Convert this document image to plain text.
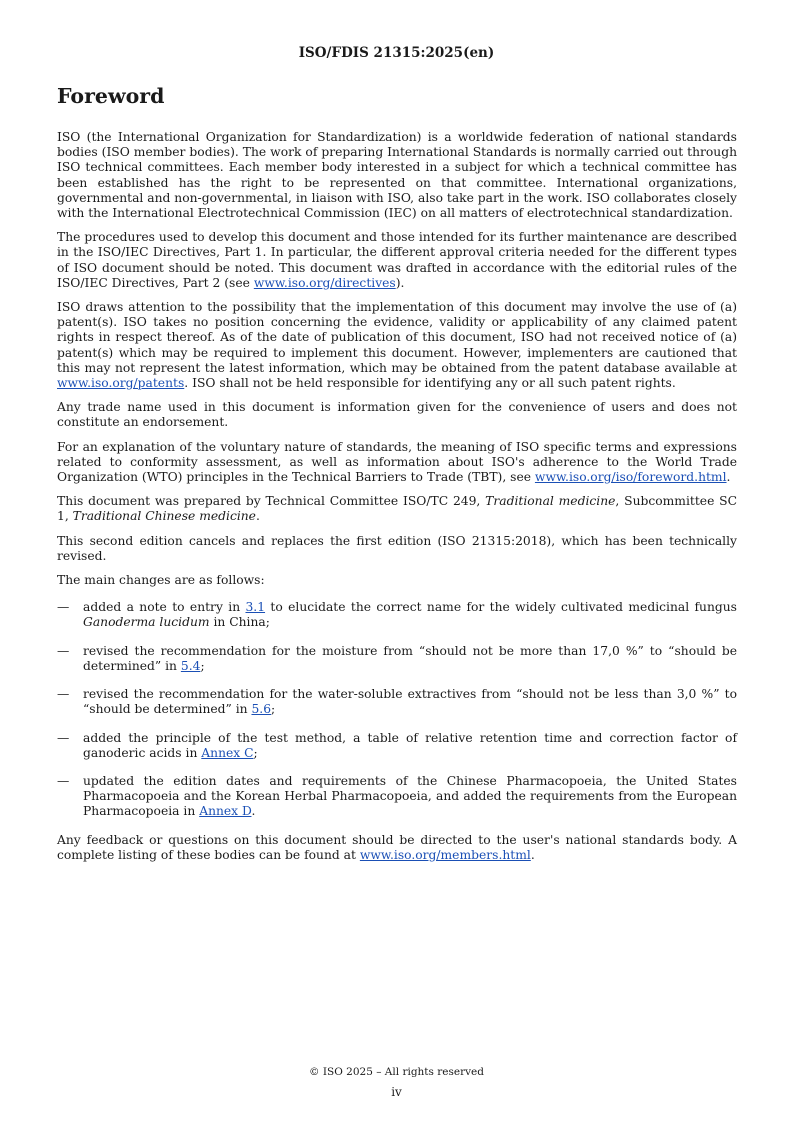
ISO/FDIS 21315:2025(en)
Foreword

ISO (the International Organization for Standardization) is a worldwide federation of national standards bodies (ISO member bodies). The work of preparing International Standards is normally carried out through ISO technical committees. Each member body interested in a subject for which a technical committee has been established has the right to be represented on that committee. International organizations, governmental and non-governmental, in liaison with ISO, also take part in the work. ISO collaborates closely with the International Electrotechnical Commission (IEC) on all matters of electrotechnical standardization.

The procedures used to develop this document and those intended for its further maintenance are described in the ISO/IEC Directives, Part 1. In particular, the different approval criteria needed for the different types of ISO document should be noted. This document was drafted in accordance with the editorial rules of the ISO/IEC Directives, Part 2 (see www.iso.org/directives).

ISO draws attention to the possibility that the implementation of this document may involve the use of (a) patent(s). ISO takes no position concerning the evidence, validity or applicability of any claimed patent rights in respect thereof. As of the date of publication of this document, ISO had not received notice of (a) patent(s) which may be required to implement this document. However, implementers are cautioned that this may not represent the latest information, which may be obtained from the patent database available at www.iso.org/patents. ISO shall not be held responsible for identifying any or all such patent rights.

Any trade name used in this document is information given for the convenience of users and does not constitute an endorsement.

For an explanation of the voluntary nature of standards, the meaning of ISO specific terms and expressions related to conformity assessment, as well as information about ISO's adherence to the World Trade Organization (WTO) principles in the Technical Barriers to Trade (TBT), see www.iso.org/iso/foreword.html.

This document was prepared by Technical Committee ISO/TC 249, Traditional medicine, Subcommittee SC 1, Traditional Chinese medicine.

This second edition cancels and replaces the first edition (ISO 21315:2018), which has been technically revised.

The main changes are as follows:

— added a note to entry in 3.1 to elucidate the correct name for the widely cultivated medicinal fungus Ganoderma lucidum in China;
— revised the recommendation for the moisture from “should not be more than 17,0 %” to “should be determined” in 5.4;
— revised the recommendation for the water-soluble extractives from “should not be less than 3,0 %” to “should be determined” in 5.6;
— added the principle of the test method, a table of relative retention time and correction factor of ganoderic acids in Annex C;
— updated the edition dates and requirements of the Chinese Pharmacopoeia, the United States Pharmacopoeia and the Korean Herbal Pharmacopoeia, and added the requirements from the European Pharmacopoeia in Annex D.

Any feedback or questions on this document should be directed to the user's national standards body. A complete listing of these bodies can be found at www.iso.org/members.html.

© ISO 2025 – All rights reserved
iv
